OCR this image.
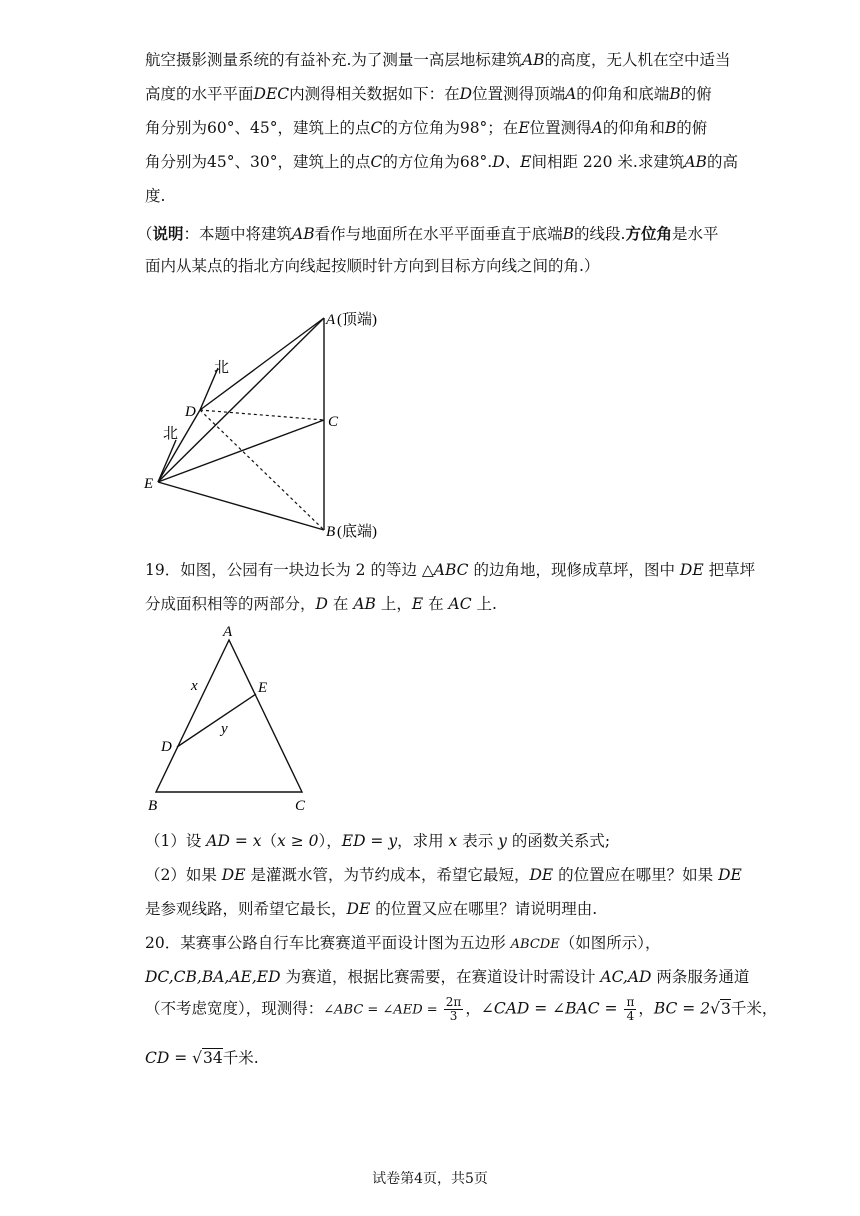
航空摄影测量系统的有益补充.为了测量一高层地标建筑AB的高度，无人机在空中适当
高度的水平平面DEC内测得相关数据如下：在D位置测得顶端A的仰角和底端B的俯
角分别为60°、45°，建筑上的点C的方位角为98°；在E位置测得A的仰角和B的俯
角分别为45°、30°，建筑上的点C的方位角为68°.D、E间相距 220 米.求建筑AB的高
度.
（说明：本题中将建筑AB看作与地面所在水平平面垂直于底端B的线段.方位角是水平
面内从某点的指北方向线起按顺时针方向到目标方向线之间的角.）
A (顶端)
B (底端)
C
D
E
北
北
19．如图，公园有一块边长为 2 的等边 △ABC 的边角地，现修成草坪，图中 DE 把草坪
分成面积相等的两部分，D 在 AB 上，E 在 AC 上.
A
B	C
D
E
x
y
（1）设 AD = x（x ≥ 0），ED = y，求用 x 表示 y 的函数关系式;
（2）如果 DE 是灌溉水管，为节约成本，希望它最短，DE 的位置应在哪里？如果 DE
是参观线路，则希望它最长，DE 的位置又应在哪里？请说明理由.
20．某赛事公路自行车比赛赛道平面设计图为五边形 ABCDE（如图所示），
DC,CB,BA,AE,ED 为赛道，根据比赛需要，在赛道设计时需设计 AC,AD 两条服务通道
（不考虑宽度），现测得：∠ABC = ∠AED = $\frac{2\pi}{3}$ ，∠CAD = ∠BAC = $\frac{\pi}{4}$ ，BC = 2√3千米，
CD = √34千米.
试卷第4页，共5页
